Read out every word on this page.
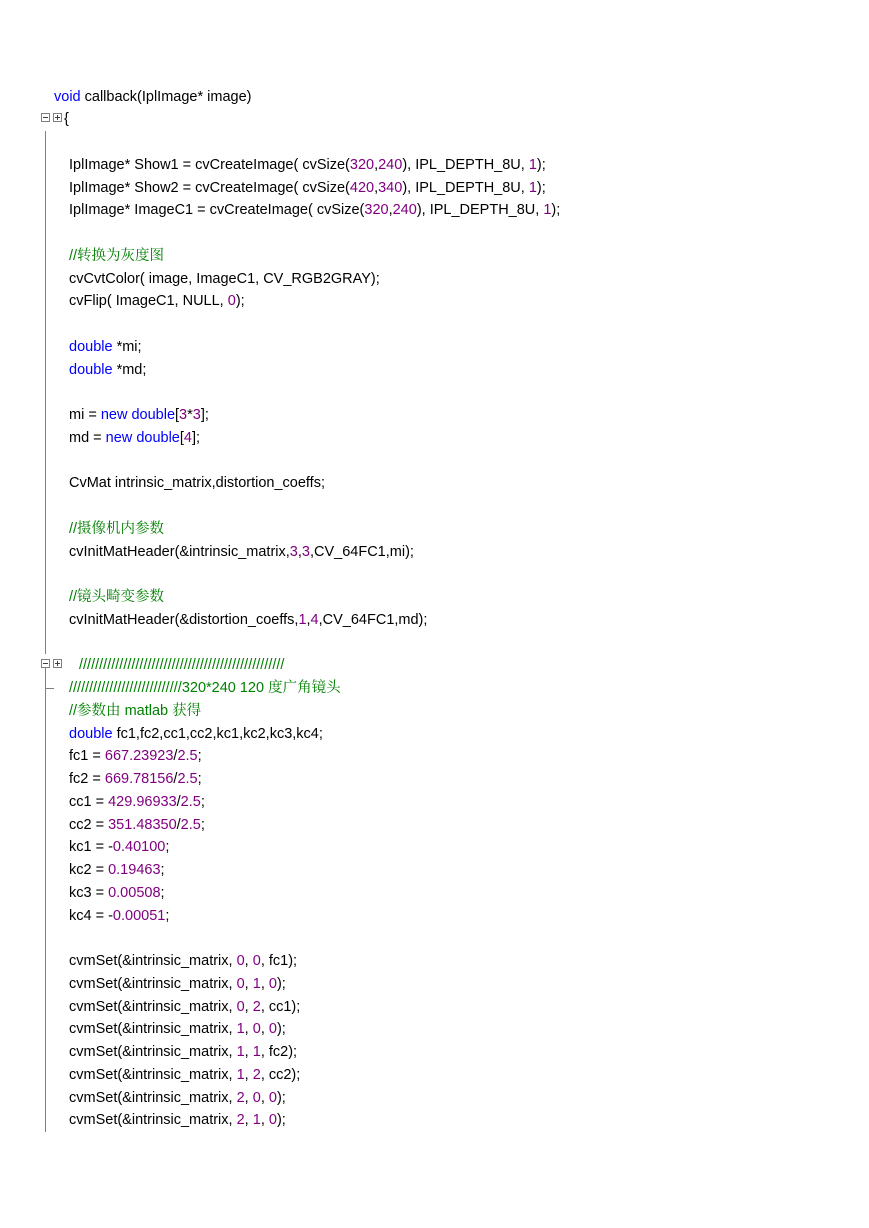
void callback(IplImage* image)
{
IplImage* Show1 = cvCreateImage( cvSize(320,240), IPL_DEPTH_8U, 1);
IplImage* Show2 = cvCreateImage( cvSize(420,340), IPL_DEPTH_8U, 1);
IplImage* ImageC1 = cvCreateImage( cvSize(320,240), IPL_DEPTH_8U, 1);
//转换为灰度图
cvCvtColor( image, ImageC1, CV_RGB2GRAY);
cvFlip( ImageC1, NULL, 0);
double *mi;
double *md;
mi = new double[3*3];
md = new double[4];
CvMat intrinsic_matrix,distortion_coeffs;
//摄像机内参数
cvInitMatHeader(&intrinsic_matrix,3,3,CV_64FC1,mi);
//镜头畸变参数
cvInitMatHeader(&distortion_coeffs,1,4,CV_64FC1,md);
///////////////////////////////////////////////////
////////////////////////////320*240 120 度广角镜头
//参数由 matlab 获得
double fc1,fc2,cc1,cc2,kc1,kc2,kc3,kc4;
fc1 = 667.23923/2.5;
fc2 = 669.78156/2.5;
cc1 = 429.96933/2.5;
cc2 = 351.48350/2.5;
kc1 = -0.40100;
kc2 = 0.19463;
kc3 = 0.00508;
kc4 = -0.00051;
cvmSet(&intrinsic_matrix, 0, 0, fc1);
cvmSet(&intrinsic_matrix, 0, 1, 0);
cvmSet(&intrinsic_matrix, 0, 2, cc1);
cvmSet(&intrinsic_matrix, 1, 0, 0);
cvmSet(&intrinsic_matrix, 1, 1, fc2);
cvmSet(&intrinsic_matrix, 1, 2, cc2);
cvmSet(&intrinsic_matrix, 2, 0, 0);
cvmSet(&intrinsic_matrix, 2, 1, 0);
